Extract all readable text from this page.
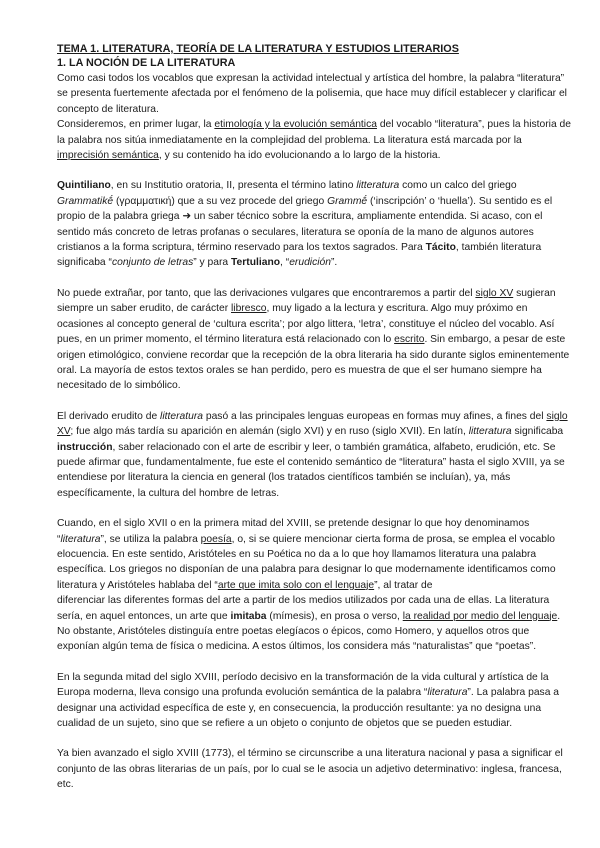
TEMA 1. LITERATURA, TEORÍA DE LA LITERATURA Y ESTUDIOS LITERARIOS
1. LA NOCIÓN DE LA LITERATURA

Como casi todos los vocablos que expresan la actividad intelectual y artística del hombre, la palabra “literatura” se presenta fuertemente afectada por el fenómeno de la polisemia, que hace muy difícil establecer y clarificar el concepto de literatura.
Consideremos, en primer lugar, la etimología y la evolución semántica del vocablo “literatura”, pues la historia de la palabra nos sitúa inmediatamente en la complejidad del problema. La literatura está marcada por la imprecisión semántica, y su contenido ha ido evolucionando a lo largo de la historia.

Quintiliano, en su Institutio oratoria, II, presenta el término latino litteratura como un calco del griego Grammatikḗ (γραμματική) que a su vez procede del griego Grammḗ (‘inscripción’ o ‘huella’). Su sentido es el propio de la palabra griega ➜ un saber técnico sobre la escritura, ampliamente entendida. Si acaso, con el sentido más concreto de letras profanas o seculares, literatura se oponía de la mano de algunos autores cristianos a la forma scriptura, término reservado para los textos sagrados. Para Tácito, también literatura significaba “conjunto de letras” y para Tertuliano, “erudición”.

No puede extrañar, por tanto, que las derivaciones vulgares que encontraremos a partir del siglo XV sugieran siempre un saber erudito, de carácter libresco, muy ligado a la lectura y escritura. Algo muy próximo en ocasiones al concepto general de ‘cultura escrita’; por algo littera, ‘letra’, constituye el núcleo del vocablo. Así pues, en un primer momento, el término literatura está relacionado con lo escrito. Sin embargo, a pesar de este origen etimológico, conviene recordar que la recepción de la obra literaria ha sido durante siglos eminentemente oral. La mayoría de estos textos orales se han perdido, pero es muestra de que el ser humano siempre ha necesitado de lo simbólico.

El derivado erudito de litteratura pasó a las principales lenguas europeas en formas muy afines, a fines del siglo XV; fue algo más tardía su aparición en alemán (siglo XVI) y en ruso (siglo XVII). En latín, litteratura significaba instrucción, saber relacionado con el arte de escribir y leer, o también gramática, alfabeto, erudición, etc. Se puede afirmar que, fundamentalmente, fue este el contenido semántico de “literatura” hasta el siglo XVIII, ya se entendiese por literatura la ciencia en general (los tratados científicos también se incluían), ya, más específicamente, la cultura del hombre de letras.

Cuando, en el siglo XVII o en la primera mitad del XVIII, se pretende designar lo que hoy denominamos “literatura”, se utiliza la palabra poesía, o, si se quiere mencionar cierta forma de prosa, se emplea el vocablo elocuencia. En este sentido, Aristóteles en su Poética no da a lo que hoy llamamos literatura una palabra específica. Los griegos no disponían de una palabra para designar lo que modernamente identificamos como literatura y Aristóteles hablaba del “arte que imita solo con el lenguaje”, al tratar de
diferenciar las diferentes formas del arte a partir de los medios utilizados por cada una de ellas. La literatura sería, en aquel entonces, un arte que imitaba (mímesis), en prosa o verso, la realidad por medio del lenguaje. No obstante, Aristóteles distinguía entre poetas elegíacos o épicos, como Homero, y aquellos otros que exponían algún tema de física o medicina. A estos últimos, los considera más “naturalistas” que “poetas”.

En la segunda mitad del siglo XVIII, período decisivo en la transformación de la vida cultural y artística de la Europa moderna, lleva consigo una profunda evolución semántica de la palabra “literatura”. La palabra pasa a designar una actividad específica de este y, en consecuencia, la producción resultante: ya no designa una cualidad de un sujeto, sino que se refiere a un objeto o conjunto de objetos que se pueden estudiar.

Ya bien avanzado el siglo XVIII (1773), el término se circunscribe a una literatura nacional y pasa a significar el conjunto de las obras literarias de un país, por lo cual se le asocia un adjetivo determinativo: inglesa, francesa, etc.
